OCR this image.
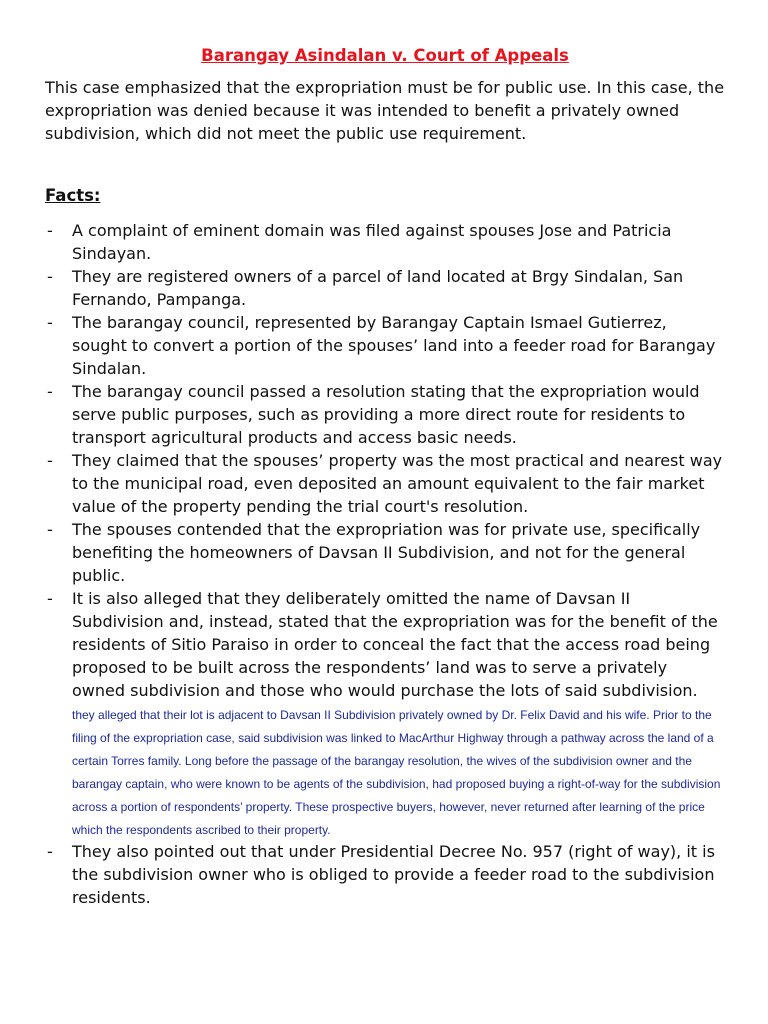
Barangay Asindalan v. Court of Appeals

This case emphasized that the expropriation must be for public use. In this case, the expropriation was denied because it was intended to benefit a privately owned subdivision, which did not meet the public use requirement.

Facts:
- A complaint of eminent domain was filed against spouses Jose and Patricia Sindayan.
- They are registered owners of a parcel of land located at Brgy Sindalan, San Fernando, Pampanga.
- The barangay council, represented by Barangay Captain Ismael Gutierrez, sought to convert a portion of the spouses’ land into a feeder road for Barangay Sindalan.
- The barangay council passed a resolution stating that the expropriation would serve public purposes, such as providing a more direct route for residents to transport agricultural products and access basic needs.
- They claimed that the spouses’ property was the most practical and nearest way to the municipal road, even deposited an amount equivalent to the fair market value of the property pending the trial court's resolution.
- The spouses contended that the expropriation was for private use, specifically benefiting the homeowners of Davsan II Subdivision, and not for the general public.
- It is also alleged that they deliberately omitted the name of Davsan II Subdivision and, instead, stated that the expropriation was for the benefit of the residents of Sitio Paraiso in order to conceal the fact that the access road being proposed to be built across the respondents’ land was to serve a privately owned subdivision and those who would purchase the lots of said subdivision. they alleged that their lot is adjacent to Davsan II Subdivision privately owned by Dr. Felix David and his wife. Prior to the filing of the expropriation case, said subdivision was linked to MacArthur Highway through a pathway across the land of a certain Torres family. Long before the passage of the barangay resolution, the wives of the subdivision owner and the barangay captain, who were known to be agents of the subdivision, had proposed buying a right-of-way for the subdivision across a portion of respondents’ property. These prospective buyers, however, never returned after learning of the price which the respondents ascribed to their property.
- They also pointed out that under Presidential Decree No. 957 (right of way), it is the subdivision owner who is obliged to provide a feeder road to the subdivision residents.
